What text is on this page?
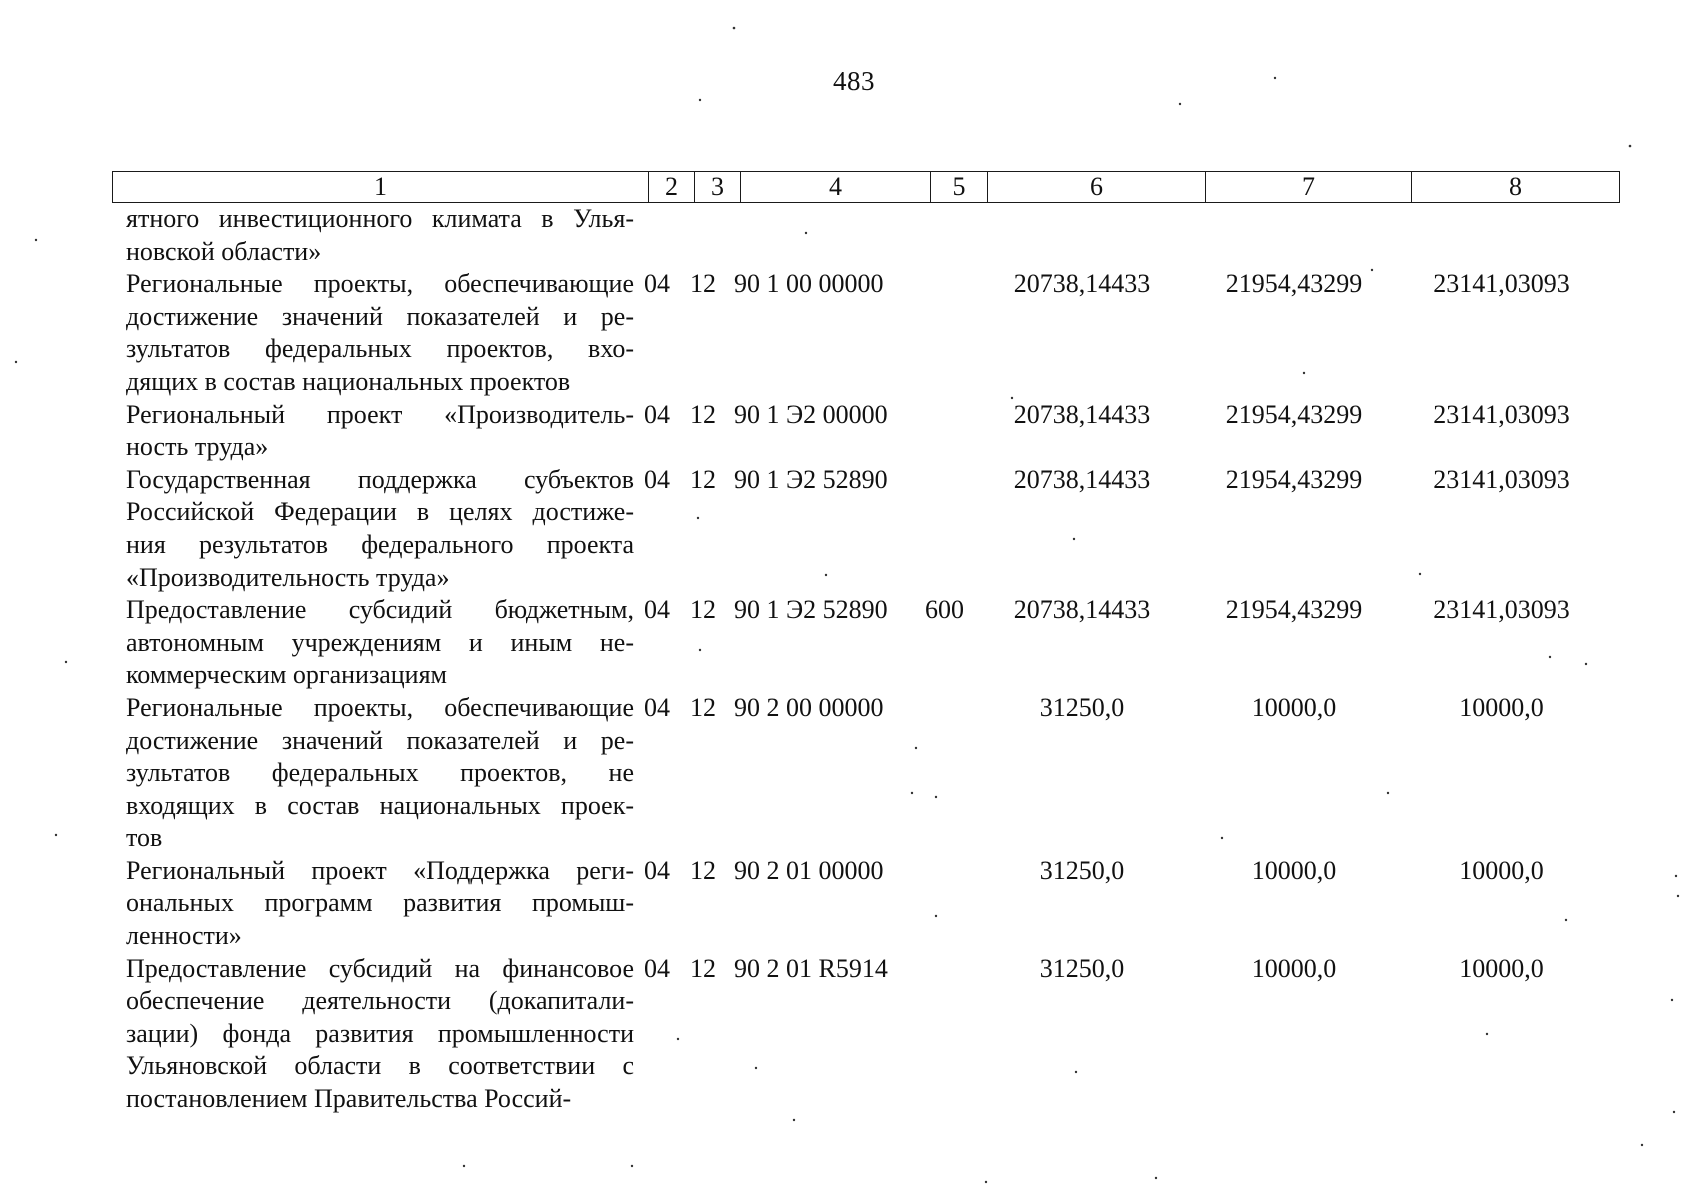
483
1	2	3	4	5	6	7	8
ятного инвестиционного климата в Улья-
новской области»
Региональные проекты, обеспечивающие
достижение значений показателей и ре-
зультатов федеральных проектов, вхо-
дящих в состав национальных проектов
04 12 90 1 00 00000	20738,14433	21954,43299	23141,03093
Региональный проект «Производитель-
ность труда»
04 12 90 1 Э2 00000	20738,14433	21954,43299	23141,03093
Государственная поддержка субъектов
Российской Федерации в целях достиже-
ния результатов федерального проекта
«Производительность труда»
04 12 90 1 Э2 52890	20738,14433	21954,43299	23141,03093
Предоставление субсидий бюджетным,
автономным учреждениям и иным не-
коммерческим организациям
04 12 90 1 Э2 52890	600	20738,14433	21954,43299	23141,03093
Региональные проекты, обеспечивающие
достижение значений показателей и ре-
зультатов федеральных проектов, не
входящих в состав национальных проек-
тов
04 12 90 2 00 00000	31250,0	10000,0	10000,0
Региональный проект «Поддержка реги-
ональных программ развития промыш-
ленности»
04 12 90 2 01 00000	31250,0	10000,0	10000,0
Предоставление субсидий на финансовое
обеспечение деятельности (докапитали-
зации) фонда развития промышленности
Ульяновской области в соответствии с
постановлением Правительства Россий-
04 12 90 2 01 R5914	31250,0	10000,0	10000,0
